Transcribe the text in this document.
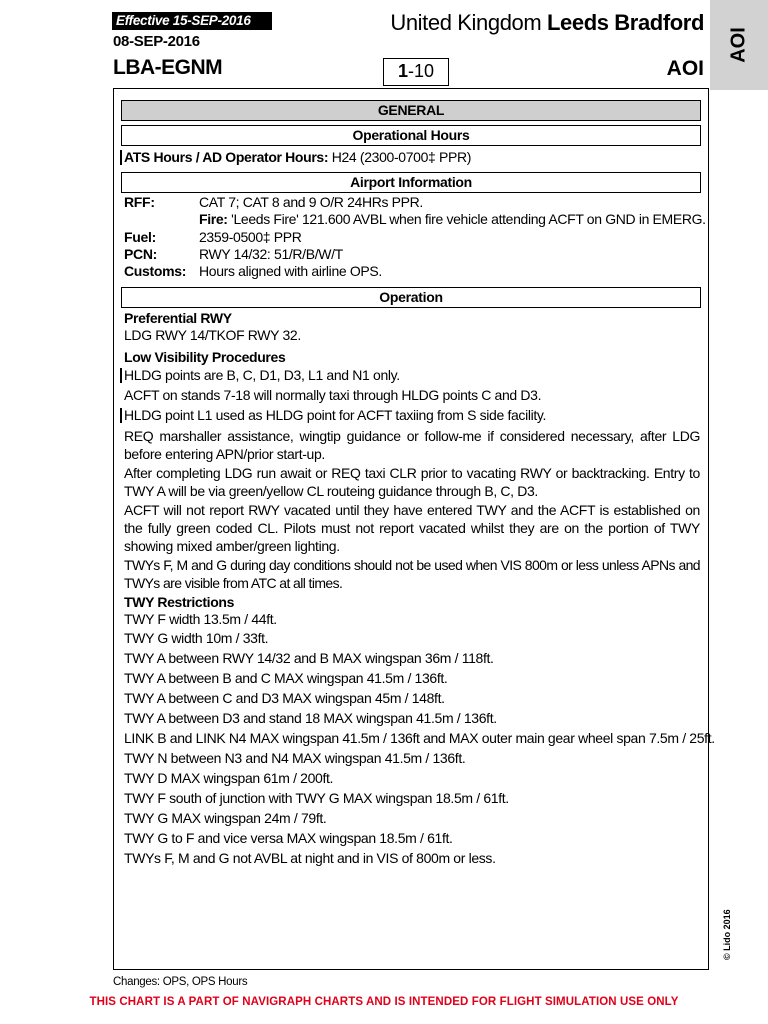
Effective 15-SEP-2016
08-SEP-2016
LBA-EGNM
United Kingdom Leeds Bradford
1-10	AOI
AOI
GENERAL
Operational Hours
ATS Hours / AD Operator Hours: H24 (2300-0700‡ PPR)
Airport Information
RFF:	CAT 7; CAT 8 and 9 O/R 24HRs PPR.
Fire: 'Leeds Fire' 121.600 AVBL when fire vehicle attending ACFT on GND in EMERG.
Fuel:	2359-0500‡ PPR
PCN:	RWY 14/32: 51/R/B/W/T
Customs: Hours aligned with airline OPS.
Operation
Preferential RWY
LDG RWY 14/TKOF RWY 32.
Low Visibility Procedures
HLDG points are B, C, D1, D3, L1 and N1 only.
ACFT on stands 7-18 will normally taxi through HLDG points C and D3.
HLDG point L1 used as HLDG point for ACFT taxiing from S side facility.
REQ marshaller assistance, wingtip guidance or follow-me if considered necessary, after LDG before entering APN/prior start-up.
After completing LDG run await or REQ taxi CLR prior to vacating RWY or backtracking. Entry to TWY A will be via green/yellow CL routeing guidance through B, C, D3.
ACFT will not report RWY vacated until they have entered TWY and the ACFT is established on the fully green coded CL. Pilots must not report vacated whilst they are on the portion of TWY showing mixed amber/green lighting.
TWYs F, M and G during day conditions should not be used when VIS 800m or less unless APNs and TWYs are visible from ATC at all times.
TWY Restrictions
TWY F width 13.5m / 44ft.
TWY G width 10m / 33ft.
TWY A between RWY 14/32 and B MAX wingspan 36m / 118ft.
TWY A between B and C MAX wingspan 41.5m / 136ft.
TWY A between C and D3 MAX wingspan 45m / 148ft.
TWY A between D3 and stand 18 MAX wingspan 41.5m / 136ft.
LINK B and LINK N4 MAX wingspan 41.5m / 136ft and MAX outer main gear wheel span 7.5m / 25ft.
TWY N between N3 and N4 MAX wingspan 41.5m / 136ft.
TWY D MAX wingspan 61m / 200ft.
TWY F south of junction with TWY G MAX wingspan 18.5m / 61ft.
TWY G MAX wingspan 24m / 79ft.
TWY G to F and vice versa MAX wingspan 18.5m / 61ft.
TWYs F, M and G not AVBL at night and in VIS of 800m or less.
© Lido 2016
Changes: OPS, OPS Hours
THIS CHART IS A PART OF NAVIGRAPH CHARTS AND IS INTENDED FOR FLIGHT SIMULATION USE ONLY
